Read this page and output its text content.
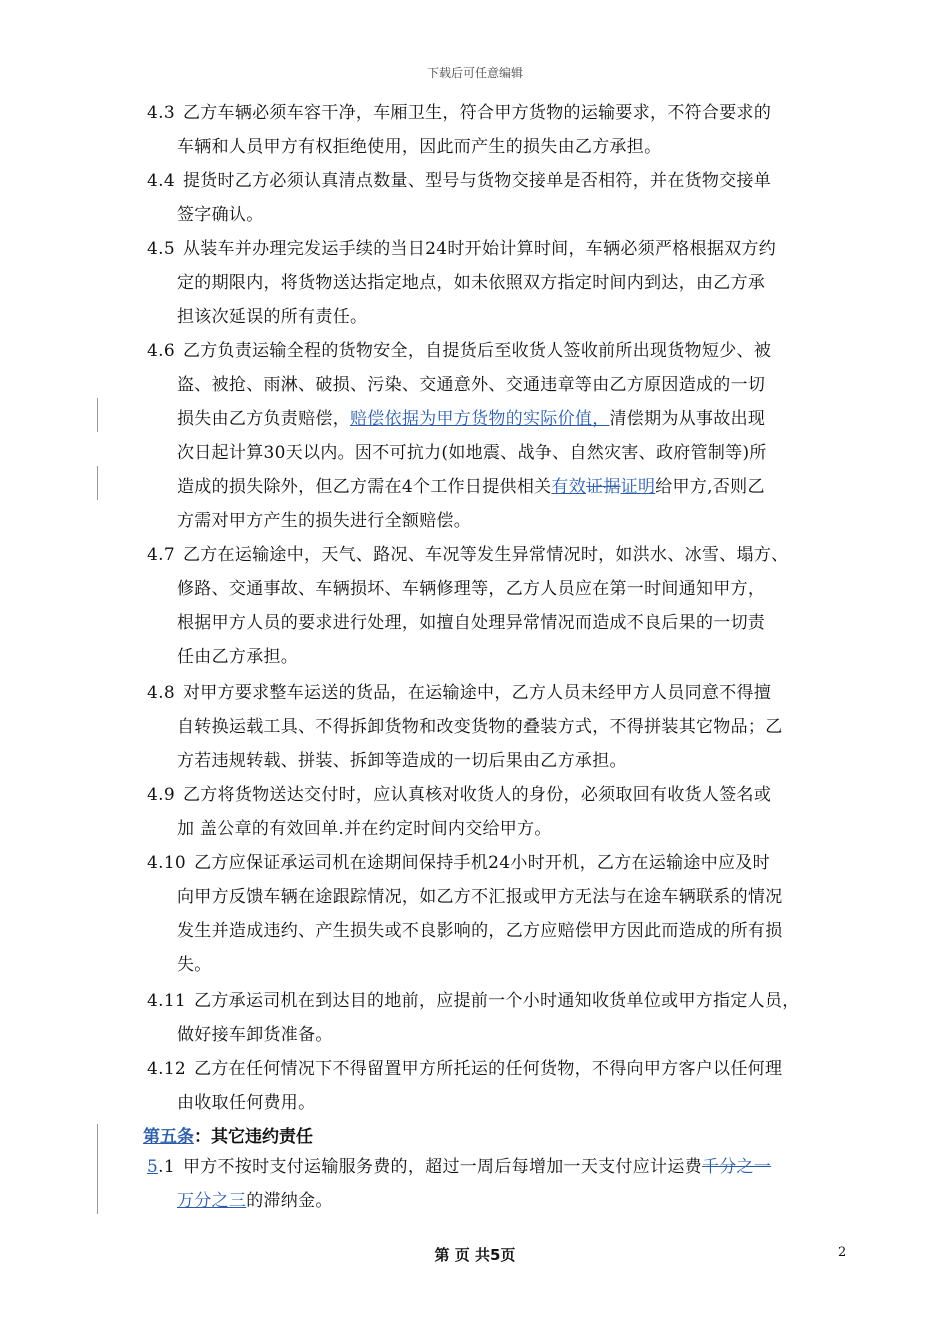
下载后可任意编辑
4.3 乙方车辆必须车容干净，车厢卫生，符合甲方货物的运输要求，不符合要求的
车辆和人员甲方有权拒绝使用，因此而产生的损失由乙方承担。
4.4 提货时乙方必须认真清点数量、型号与货物交接单是否相符，并在货物交接单
签字确认。
4.5 从装车并办理完发运手续的当日24时开始计算时间，车辆必须严格根据双方约
定的期限内，将货物送达指定地点，如未依照双方指定时间内到达，由乙方承
担该次延误的所有责任。
4.6 乙方负责运输全程的货物安全，自提货后至收货人签收前所出现货物短少、被
盗、被抢、雨淋、破损、污染、交通意外、交通违章等由乙方原因造成的一切
损失由乙方负责赔偿，赔偿依据为甲方货物的实际价值，清偿期为从事故出现
次日起计算30天以内。因不可抗力(如地震、战争、自然灾害、政府管制等)所
造成的损失除外，但乙方需在4个工作日提供相关有效证据证明给甲方,否则乙
方需对甲方产生的损失进行全额赔偿。
4.7 乙方在运输途中，天气、路况、车况等发生异常情况时，如洪水、冰雪、塌方、
修路、交通事故、车辆损坏、车辆修理等，乙方人员应在第一时间通知甲方，
根据甲方人员的要求进行处理，如擅自处理异常情况而造成不良后果的一切责
任由乙方承担。
4.8 对甲方要求整车运送的货品，在运输途中，乙方人员未经甲方人员同意不得擅
自转换运载工具、不得拆卸货物和改变货物的叠装方式，不得拼装其它物品；乙
方若违规转载、拼装、拆卸等造成的一切后果由乙方承担。
4.9 乙方将货物送达交付时，应认真核对收货人的身份，必须取回有收货人签名或
加 盖公章的有效回单.并在约定时间内交给甲方。
4.10 乙方应保证承运司机在途期间保持手机24小时开机，乙方在运输途中应及时
向甲方反馈车辆在途跟踪情况，如乙方不汇报或甲方无法与在途车辆联系的情况
发生并造成违约、产生损失或不良影响的，乙方应赔偿甲方因此而造成的所有损
失。
4.11 乙方承运司机在到达目的地前，应提前一个小时通知收货单位或甲方指定人员，
做好接车卸货准备。
4.12 乙方在任何情况下不得留置甲方所托运的任何货物，不得向甲方客户以任何理
由收取任何费用。
第五条：其它违约责任
5.1 甲方不按时支付运输服务费的，超过一周后每增加一天支付应计运费千分之一
万分之三的滞纳金。
第 页 共5页	2
